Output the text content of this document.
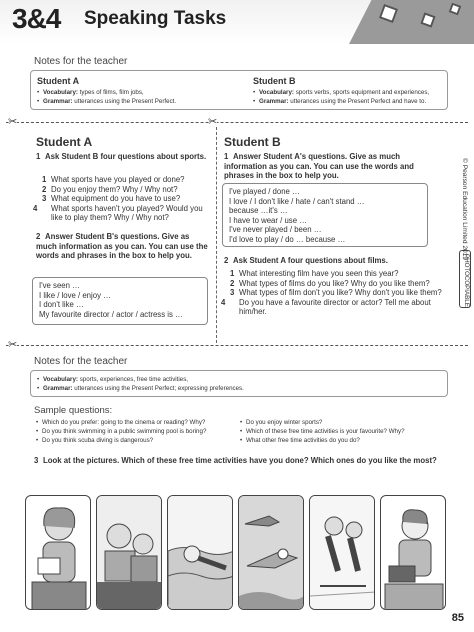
3&4 Speaking Tasks
Notes for the teacher
Student A
• Vocabulary: types of films, film jobs,
• Grammar: utterances using the Present Perfect.
Student B
• Vocabulary: sports verbs, sports equipment and experiences,
• Grammar: utterances using the Present Perfect and have to.
✂	✂
Student A
1 Ask Student B four questions about sports.
1 What sports have you played or done?
2 Do you enjoy them? Why / Why not?
3 What equipment do you have to use?
4 What sports haven't you played? Would you like to play them? Why / Why not?
2 Answer Student B's questions. Give as much information as you can. You can use the words and phrases in the box to help you.
I've seen …
I like / love / enjoy …
I don't like …
My favourite director / actor / actress is …
Student B
1 Answer Student A's questions. Give as much information as you can. You can use the words and phrases in the box to help you.
I've played / done …
I love / I don't like / hate / can't stand …
because …it's …
I have to wear / use …
I've never played / been …
I'd love to play / do … because …
2 Ask Student A four questions about films.
1 What interesting film have you seen this year?
2 What types of films do you like? Why do you like them?
3 What types of film don't you like? Why don't you like them?
4 Do you have a favourite director or actor? Tell me about him/her.
© Pearson Education Limited 2019
PHOTOCOPIABLE
✂
Notes for the teacher
• Vocabulary: sports, experiences, free time activities,
• Grammar: utterances using the Present Perfect; expressing preferences.
Sample questions:
• Which do you prefer: going to the cinema or reading? Why?
• Do you think swimming in a public swimming pool is boring?
• Do you think scuba diving is dangerous?
• Do you enjoy winter sports?
• Which of these free time activities is your favourite? Why?
• What other free time activities do you do?
3 Look at the pictures. Which of these free time activities have you done? Which ones do you like the most?
85
